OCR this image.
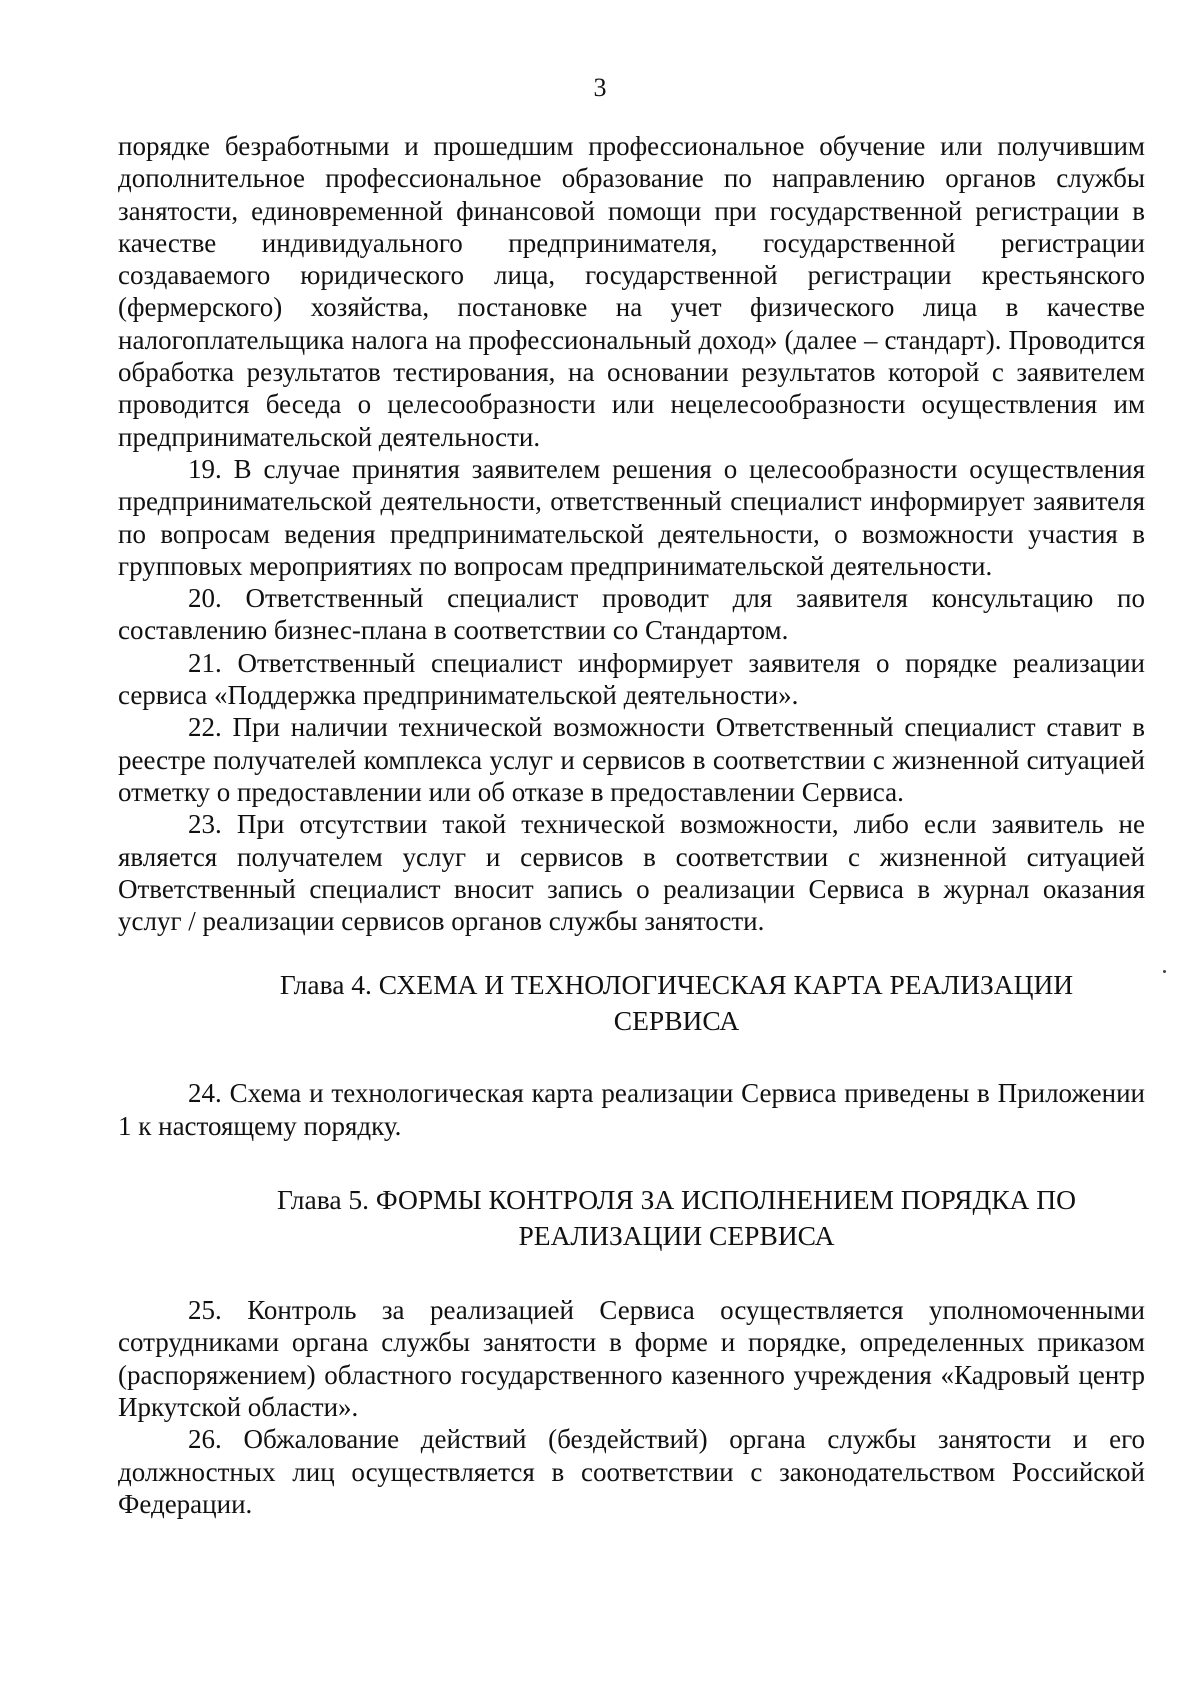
3

порядке безработными и прошедшим профессиональное обучение или получившим дополнительное профессиональное образование по направлению органов службы занятости, единовременной финансовой помощи при государственной регистрации в качестве индивидуального предпринимателя, государственной регистрации создаваемого юридического лица, государственной регистрации крестьянского (фермерского) хозяйства, постановке на учет физического лица в качестве налогоплательщика налога на профессиональный доход» (далее – стандарт). Проводится обработка результатов тестирования, на основании результатов которой с заявителем проводится беседа о целесообразности или нецелесообразности осуществления им предпринимательской деятельности.

19. В случае принятия заявителем решения о целесообразности осуществления предпринимательской деятельности, ответственный специалист информирует заявителя по вопросам ведения предпринимательской деятельности, о возможности участия в групповых мероприятиях по вопросам предпринимательской деятельности.

20. Ответственный специалист проводит для заявителя консультацию по составлению бизнес-плана в соответствии со Стандартом.

21. Ответственный специалист информирует заявителя о порядке реализации сервиса «Поддержка предпринимательской деятельности».

22. При наличии технической возможности Ответственный специалист ставит в реестре получателей комплекса услуг и сервисов в соответствии с жизненной ситуацией отметку о предоставлении или об отказе в предоставлении Сервиса.

23. При отсутствии такой технической возможности, либо если заявитель не является получателем услуг и сервисов в соответствии с жизненной ситуацией Ответственный специалист вносит запись о реализации Сервиса в журнал оказания услуг / реализации сервисов органов службы занятости.

Глава 4. СХЕМА И ТЕХНОЛОГИЧЕСКАЯ КАРТА РЕАЛИЗАЦИИ
СЕРВИСА

24. Схема и технологическая карта реализации Сервиса приведены в Приложении 1 к настоящему порядку.

Глава 5. ФОРМЫ КОНТРОЛЯ ЗА ИСПОЛНЕНИЕМ ПОРЯДКА ПО
РЕАЛИЗАЦИИ СЕРВИСА

25. Контроль за реализацией Сервиса осуществляется уполномоченными сотрудниками органа службы занятости в форме и порядке, определенных приказом (распоряжением) областного государственного казенного учреждения «Кадровый центр Иркутской области».

26. Обжалование действий (бездействий) органа службы занятости и его должностных лиц осуществляется в соответствии с законодательством Российской Федерации.
